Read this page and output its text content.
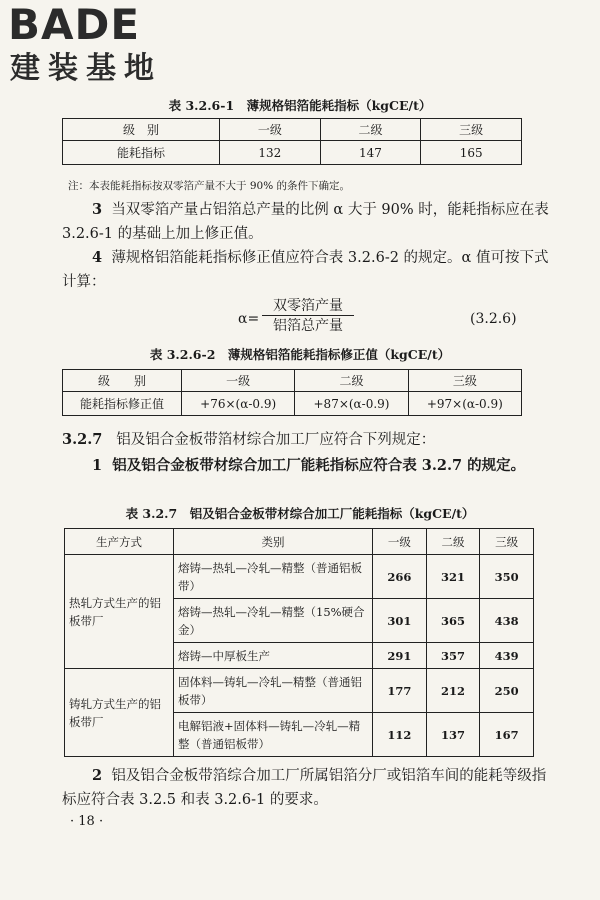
BADE
建装基地
表 3.2.6-1　薄规格铝箔能耗指标（kgCE/t）
级　别	一级	二级	三级
能耗指标	132	147	165
注：本表能耗指标按双零箔产量不大于 90% 的条件下确定。
3 当双零箔产量占铝箔总产量的比例 α 大于 90% 时，能耗指标应在表 3.2.6-1 的基础上加上修正值。
4 薄规格铝箔能耗指标修正值应符合表 3.2.6-2 的规定。α 值可按下式计算：
α=
双零箔产量
铝箔总产量	(3.2.6)
表 3.2.6-2　薄规格铝箔能耗指标修正值（kgCE/t）
级　　别	一级	二级	三级
能耗指标修正值	+76×(α-0.9)	+87×(α-0.9)	+97×(α-0.9)
3.2.7 铝及铝合金板带箔材综合加工厂应符合下列规定：
1 铝及铝合金板带材综合加工厂能耗指标应符合表 3.2.7 的规定。
表 3.2.7　铝及铝合金板带材综合加工厂能耗指标（kgCE/t）
生产方式	类别	一级	二级	三级
热轧方式生产的铝板带厂	熔铸—热轧—冷轧—精整（普通铝板带）	266	321	350
	熔铸—热轧—冷轧—精整（15%硬合金）	301	365	438
	熔铸—中厚板生产	291	357	439
铸轧方式生产的铝板带厂	固体料—铸轧—冷轧—精整（普通铝板带）	177	212	250
	电解铝液+固体料—铸轧—冷轧—精整（普通铝板带）	112	137	167
2 铝及铝合金板带箔综合加工厂所属铝箔分厂或铝箔车间的能耗等级指标应符合表 3.2.5 和表 3.2.6-1 的要求。
· 18 ·
